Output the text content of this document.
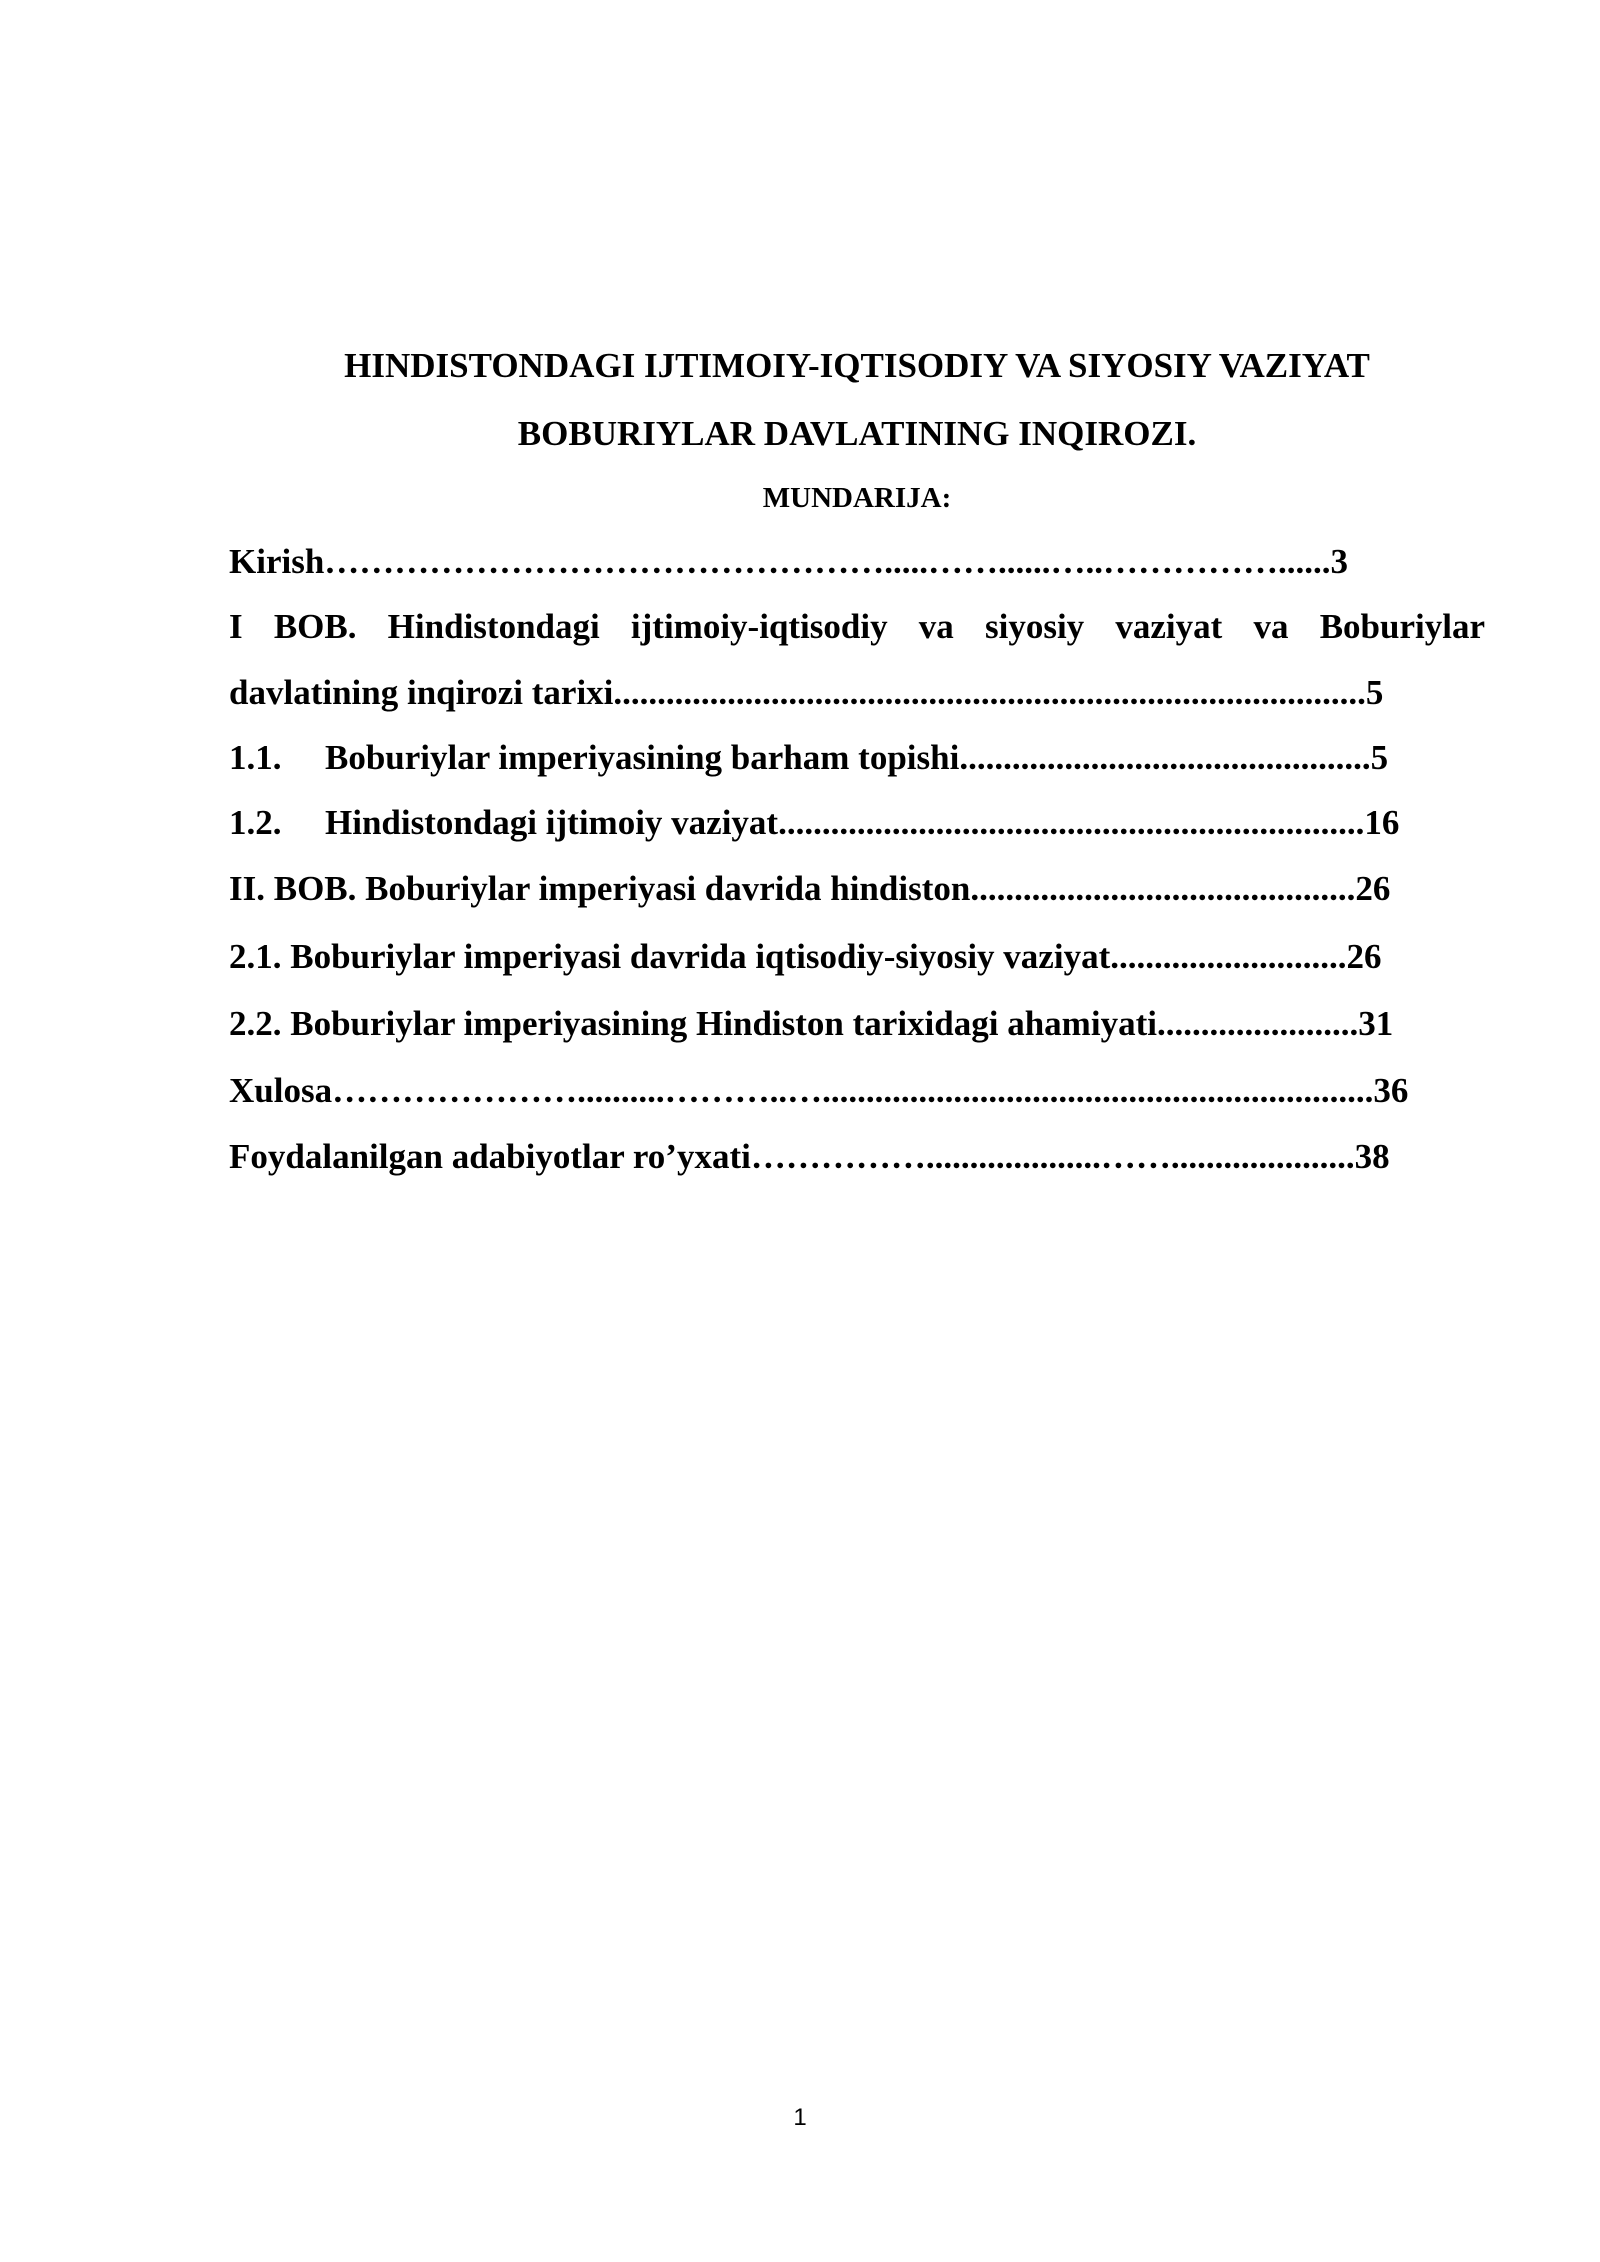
HINDISTONDAGI IJTIMOIY-IQTISODIY VA SIYOSIY VAZIYAT
BOBURIYLAR DAVLATINING INQIROZI.
MUNDARIJA:
Kirish………………………………………….....……......…..……………......3
I BOB. Hindistondagi ijtimoiy-iqtisodiy va siyosiy vaziyat va Boburiylar
davlatining inqirozi tarixi......................................................................................5
1.1. Boburiylar imperiyasining barham topishi...............................................5
1.2. Hindistondagi ijtimoiy vaziyat...................................................................16
II. BOB. Boburiylar imperiyasi davrida hindiston............................................26
2.1. Boburiylar imperiyasi davrida iqtisodiy-siyosiy vaziyat...........................26
2.2. Boburiylar imperiyasining Hindiston tarixidagi ahamiyati.......................31
Xulosa…………………..........………..…...............................................................36
Foydalanilgan adabiyotlar ro’yxati……………....................…….....................38
1
